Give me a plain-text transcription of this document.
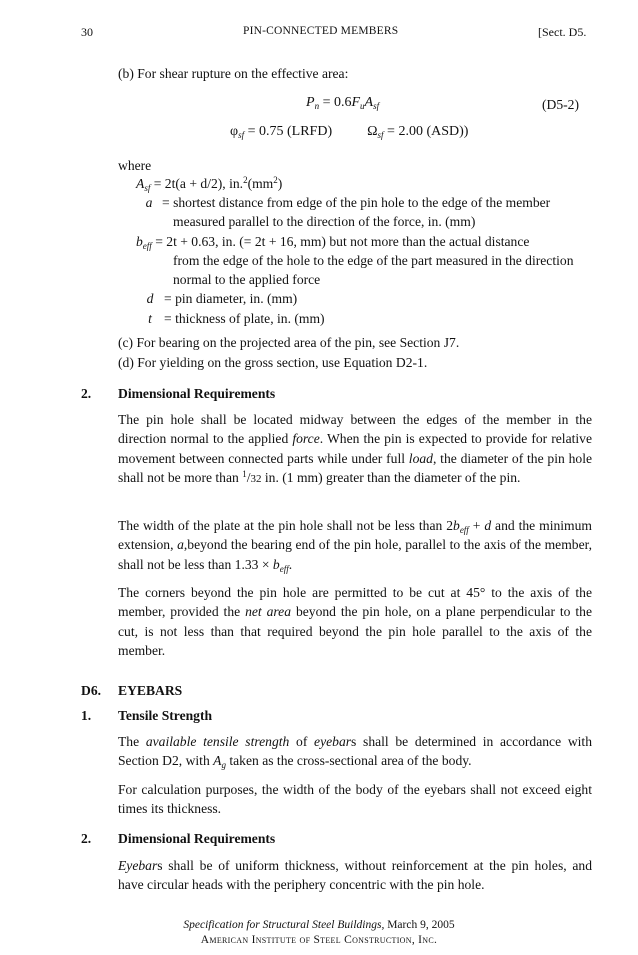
30	PIN-CONNECTED MEMBERS	[Sect. D5.
(b) For shear rupture on the effective area:
$P_n = 0.6F_uA_{sf}$	(D5-2)
$\varphi_{sf} = 0.75$ (LRFD)	$\Omega_{sf} = 2.00$ (ASD))
where
$A_{sf} = 2t(a + d/2)$, $in.^2(mm^2)$
a = shortest distance from edge of the pin hole to the edge of the member
measured parallel to the direction of the force, in. (mm)
$b_{eff} = 2t + 0.63$, in. (= 2t + 16, mm) but not more than the actual distance
from the edge of the hole to the edge of the part measured in the direction
normal to the applied force
d = pin diameter, in. (mm)
t = thickness of plate, in. (mm)
(c) For bearing on the projected area of the pin, see Section J7.
(d) For yielding on the gross section, use Equation D2-1.
2. Dimensional Requirements
The pin hole shall be located midway between the edges of the member in the direction normal to the applied force. When the pin is expected to provide for relative movement between connected parts while under full load, the diameter of the pin hole shall not be more than $^1$/32 in. (1 mm) greater than the diameter of the pin.
The width of the plate at the pin hole shall not be less than $2b_{eff} + d$ and the minimum extension, a,beyond the bearing end of the pin hole, parallel to the axis of the member, shall not be less than $1.33 \times b_{eff}$.
The corners beyond the pin hole are permitted to be cut at 45° to the axis of the member, provided the net area beyond the pin hole, on a plane perpendicular to the cut, is not less than that required beyond the pin hole parallel to the axis of the member.
D6. EYEBARS
1. Tensile Strength
The available tensile strength of eyebars shall be determined in accordance with Section D2, with $A_g$ taken as the cross-sectional area of the body.
For calculation purposes, the width of the body of the eyebars shall not exceed eight times its thickness.
2. Dimensional Requirements
Eyebars shall be of uniform thickness, without reinforcement at the pin holes, and have circular heads with the periphery concentric with the pin hole.
Specification for Structural Steel Buildings, March 9, 2005
American Institute of Steel Construction, Inc.
